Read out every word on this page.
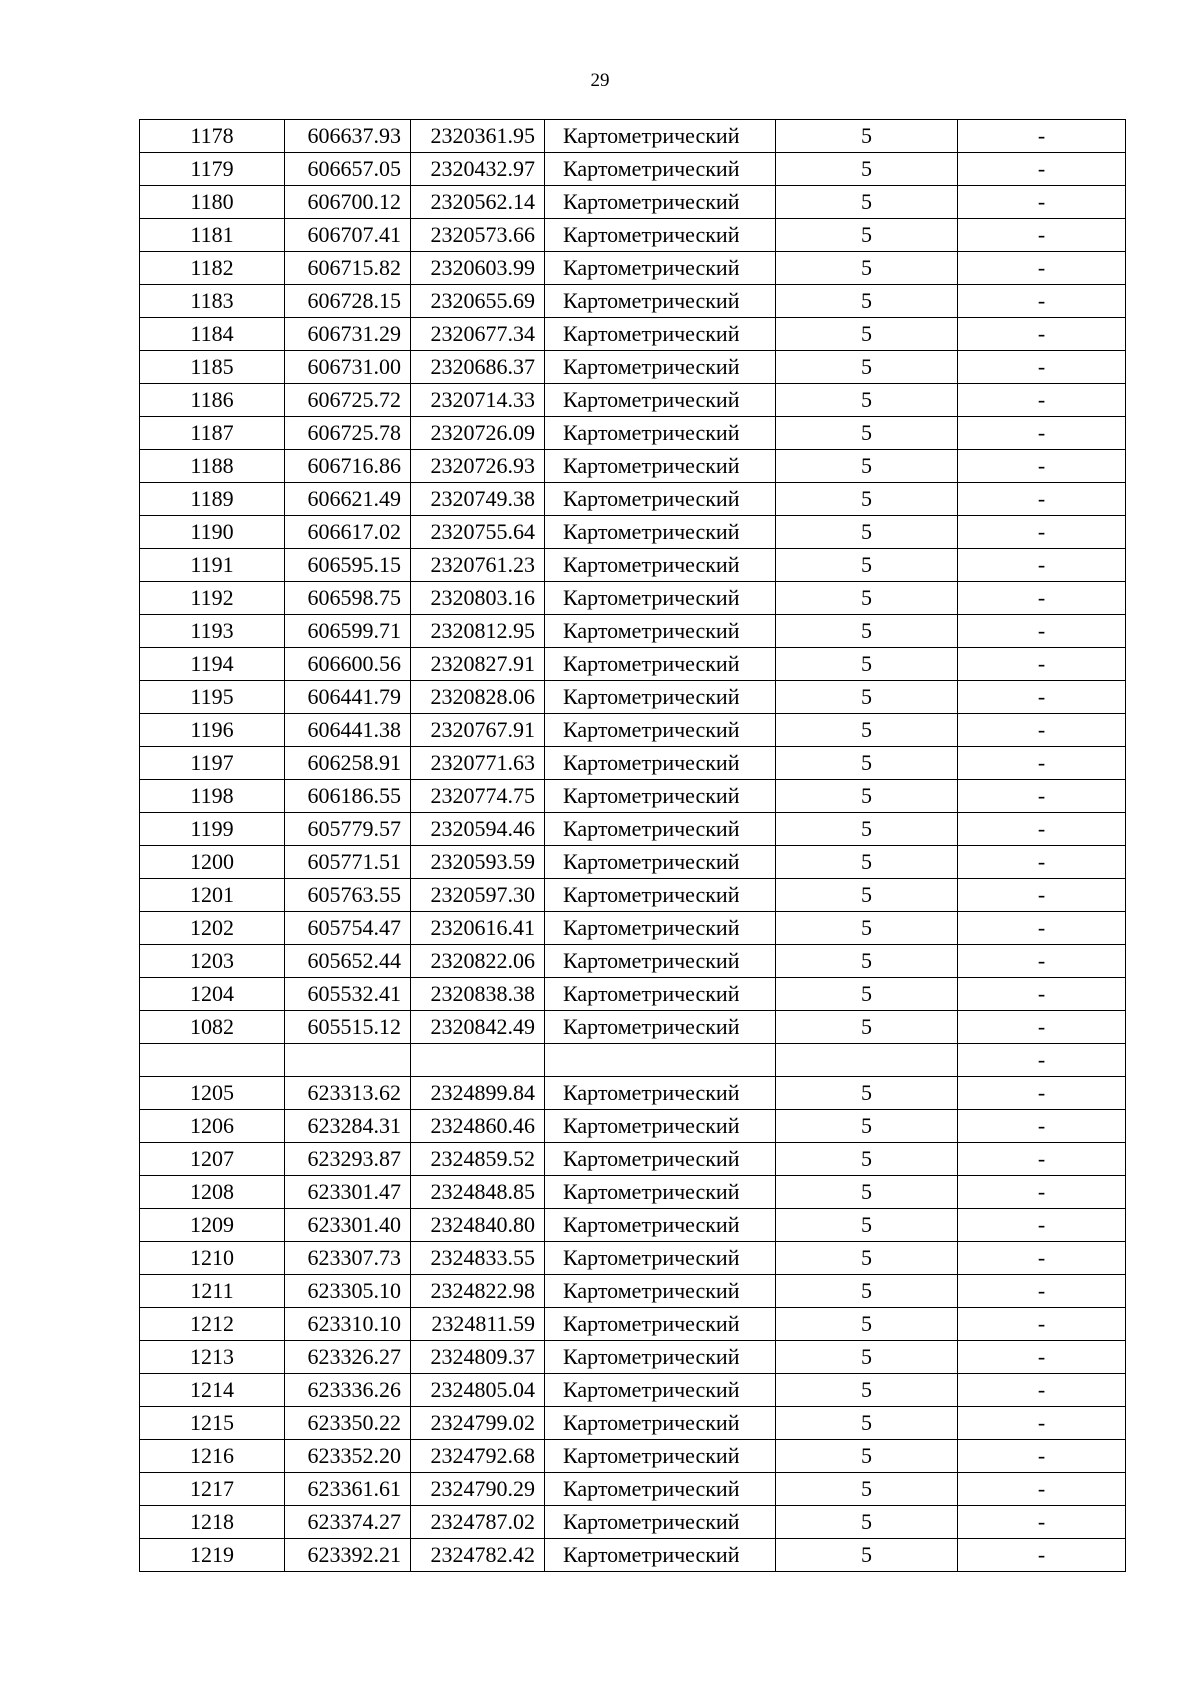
29
1178	606637.93	2320361.95	Картометрический	5	-
1179	606657.05	2320432.97	Картометрический	5	-
1180	606700.12	2320562.14	Картометрический	5	-
1181	606707.41	2320573.66	Картометрический	5	-
1182	606715.82	2320603.99	Картометрический	5	-
1183	606728.15	2320655.69	Картометрический	5	-
1184	606731.29	2320677.34	Картометрический	5	-
1185	606731.00	2320686.37	Картометрический	5	-
1186	606725.72	2320714.33	Картометрический	5	-
1187	606725.78	2320726.09	Картометрический	5	-
1188	606716.86	2320726.93	Картометрический	5	-
1189	606621.49	2320749.38	Картометрический	5	-
1190	606617.02	2320755.64	Картометрический	5	-
1191	606595.15	2320761.23	Картометрический	5	-
1192	606598.75	2320803.16	Картометрический	5	-
1193	606599.71	2320812.95	Картометрический	5	-
1194	606600.56	2320827.91	Картометрический	5	-
1195	606441.79	2320828.06	Картометрический	5	-
1196	606441.38	2320767.91	Картометрический	5	-
1197	606258.91	2320771.63	Картометрический	5	-
1198	606186.55	2320774.75	Картометрический	5	-
1199	605779.57	2320594.46	Картометрический	5	-
1200	605771.51	2320593.59	Картометрический	5	-
1201	605763.55	2320597.30	Картометрический	5	-
1202	605754.47	2320616.41	Картометрический	5	-
1203	605652.44	2320822.06	Картометрический	5	-
1204	605532.41	2320838.38	Картометрический	5	-
1082	605515.12	2320842.49	Картометрический	5	-
					-
1205	623313.62	2324899.84	Картометрический	5	-
1206	623284.31	2324860.46	Картометрический	5	-
1207	623293.87	2324859.52	Картометрический	5	-
1208	623301.47	2324848.85	Картометрический	5	-
1209	623301.40	2324840.80	Картометрический	5	-
1210	623307.73	2324833.55	Картометрический	5	-
1211	623305.10	2324822.98	Картометрический	5	-
1212	623310.10	2324811.59	Картометрический	5	-
1213	623326.27	2324809.37	Картометрический	5	-
1214	623336.26	2324805.04	Картометрический	5	-
1215	623350.22	2324799.02	Картометрический	5	-
1216	623352.20	2324792.68	Картометрический	5	-
1217	623361.61	2324790.29	Картометрический	5	-
1218	623374.27	2324787.02	Картометрический	5	-
1219	623392.21	2324782.42	Картометрический	5	-
